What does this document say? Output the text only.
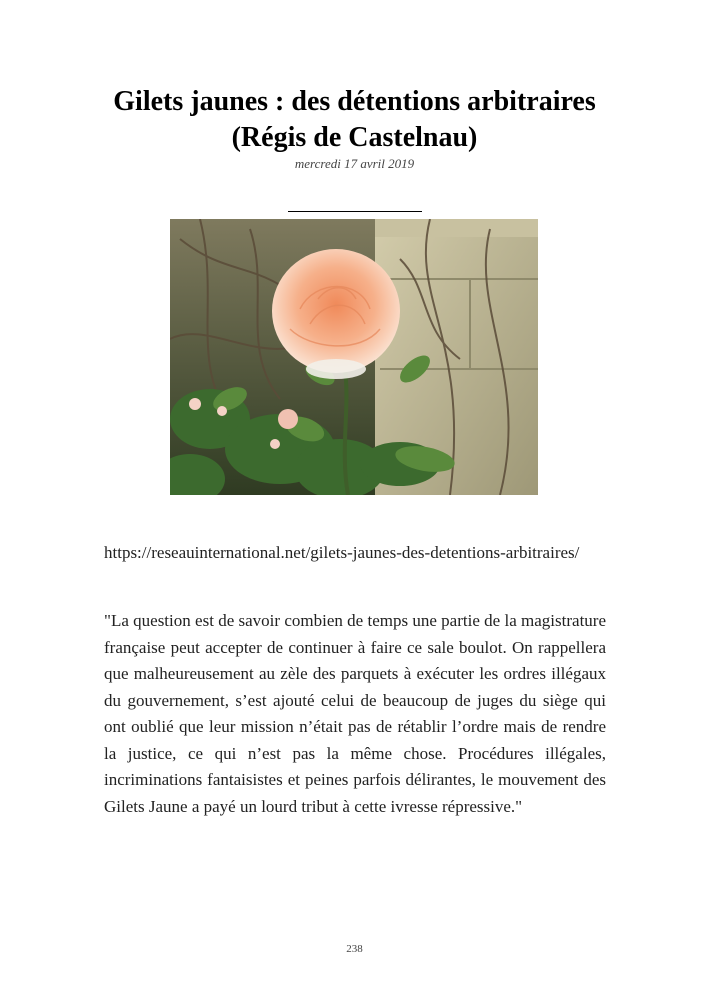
Gilets jaunes : des détentions arbitraires (Régis de Castelnau)
mercredi 17 avril 2019

https://reseauinternational.net/gilets-jaunes-des-detentions-arbitraires/

"La question est de savoir combien de temps une partie de la magistrature française peut accepter de continuer à faire ce sale boulot. On rappellera que malheureusement au zèle des parquets à exécuter les ordres illégaux du gouvernement, s’est ajouté celui de beaucoup de juges du siège qui ont oublié que leur mission n’était pas de rétablir l’ordre mais de rendre la justice, ce qui n’est pas la même chose. Procédures illégales, incriminations fantaisistes et peines parfois délirantes, le mouvement des Gilets Jaune a payé un lourd tribut à cette ivresse répressive."

238
